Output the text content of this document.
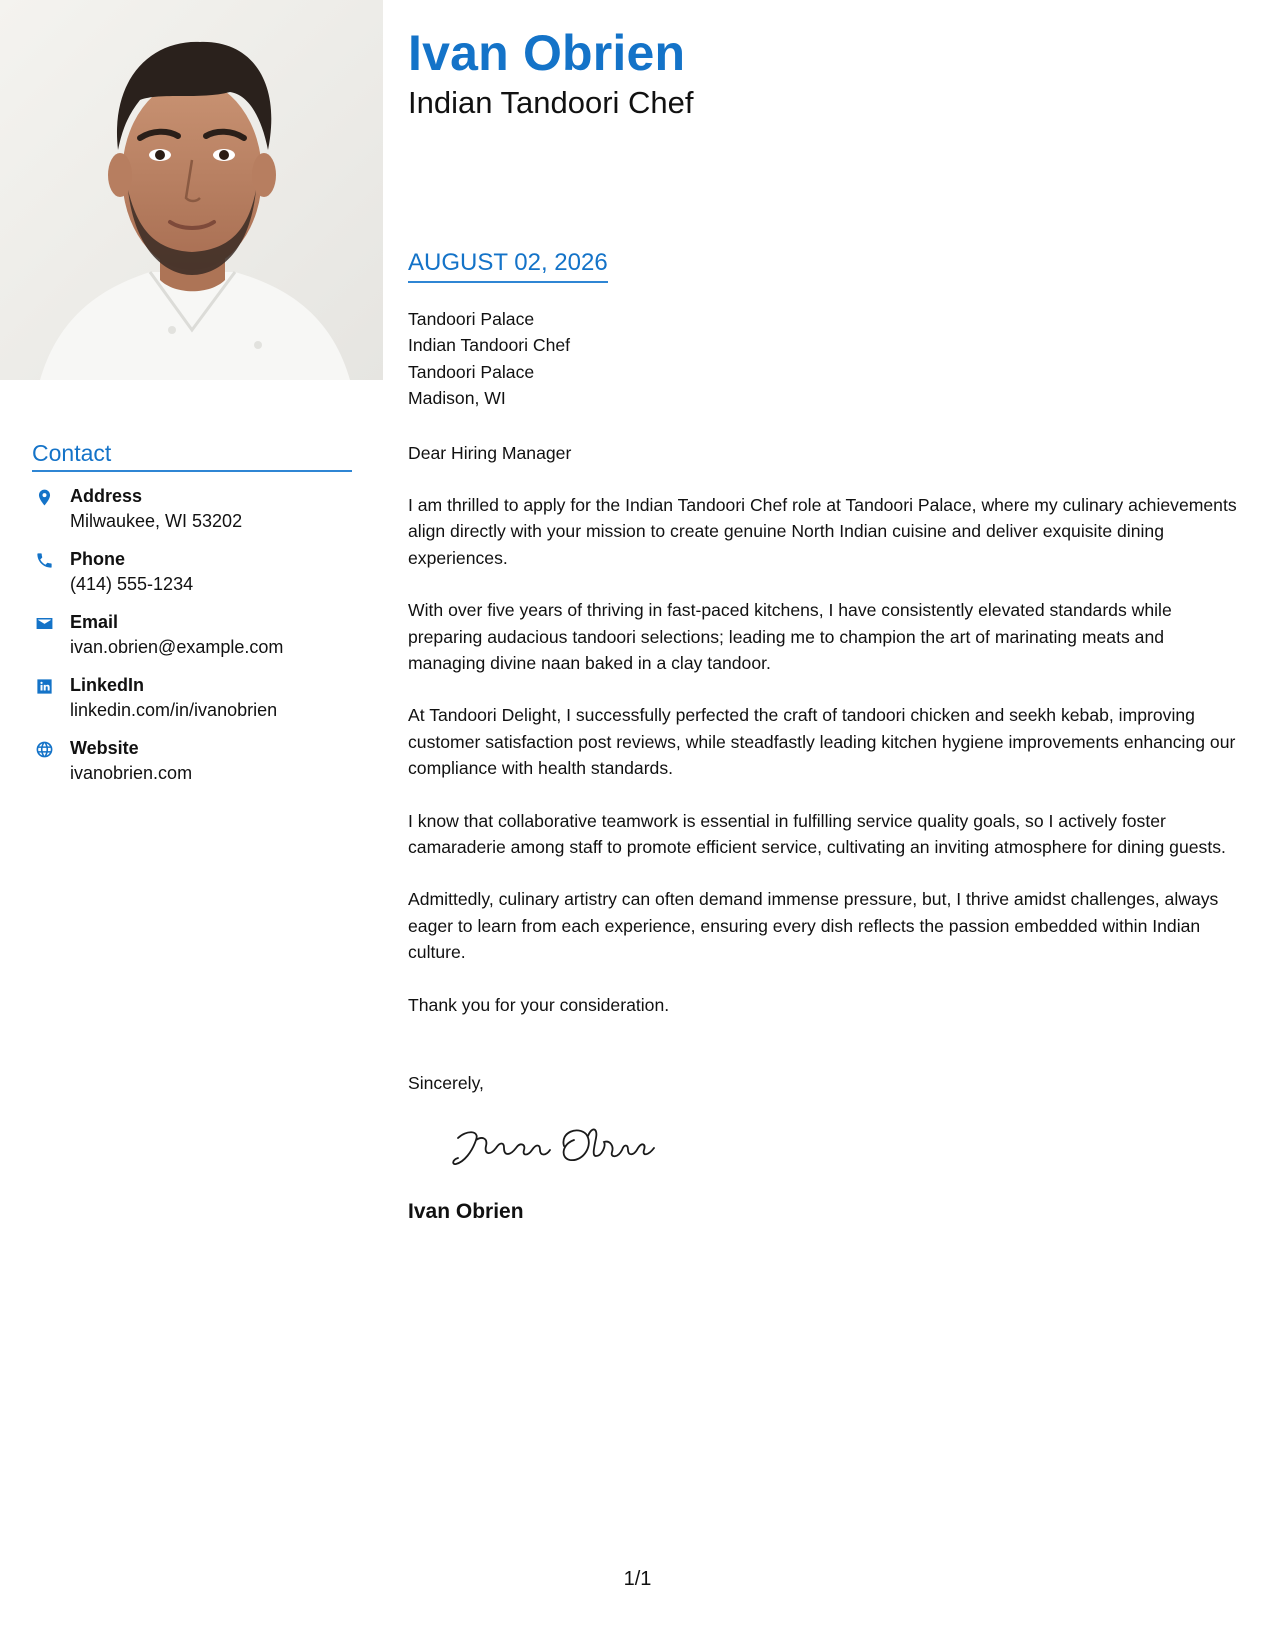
Contact
Address
Milwaukee, WI 53202
Phone
(414) 555-1234
Email
ivan.obrien@example.com
LinkedIn
linkedin.com/in/ivanobrien
Website
ivanobrien.com
Ivan Obrien
Indian Tandoori Chef
AUGUST 02, 2026
Tandoori Palace
Indian Tandoori Chef
Tandoori Palace
Madison, WI
Dear Hiring Manager
I am thrilled to apply for the Indian Tandoori Chef role at Tandoori Palace, where my culinary achievements align directly with your mission to create genuine North Indian cuisine and deliver exquisite dining experiences.
With over five years of thriving in fast-paced kitchens, I have consistently elevated standards while preparing audacious tandoori selections; leading me to champion the art of marinating meats and managing divine naan baked in a clay tandoor.
At Tandoori Delight, I successfully perfected the craft of tandoori chicken and seekh kebab, improving customer satisfaction post reviews, while steadfastly leading kitchen hygiene improvements enhancing our compliance with health standards.
I know that collaborative teamwork is essential in fulfilling service quality goals, so I actively foster camaraderie among staff to promote efficient service, cultivating an inviting atmosphere for dining guests.
Admittedly, culinary artistry can often demand immense pressure, but, I thrive amidst challenges, always eager to learn from each experience, ensuring every dish reflects the passion embedded within Indian culture.
Thank you for your consideration.
Sincerely,
Ivan Obrien
1/1
